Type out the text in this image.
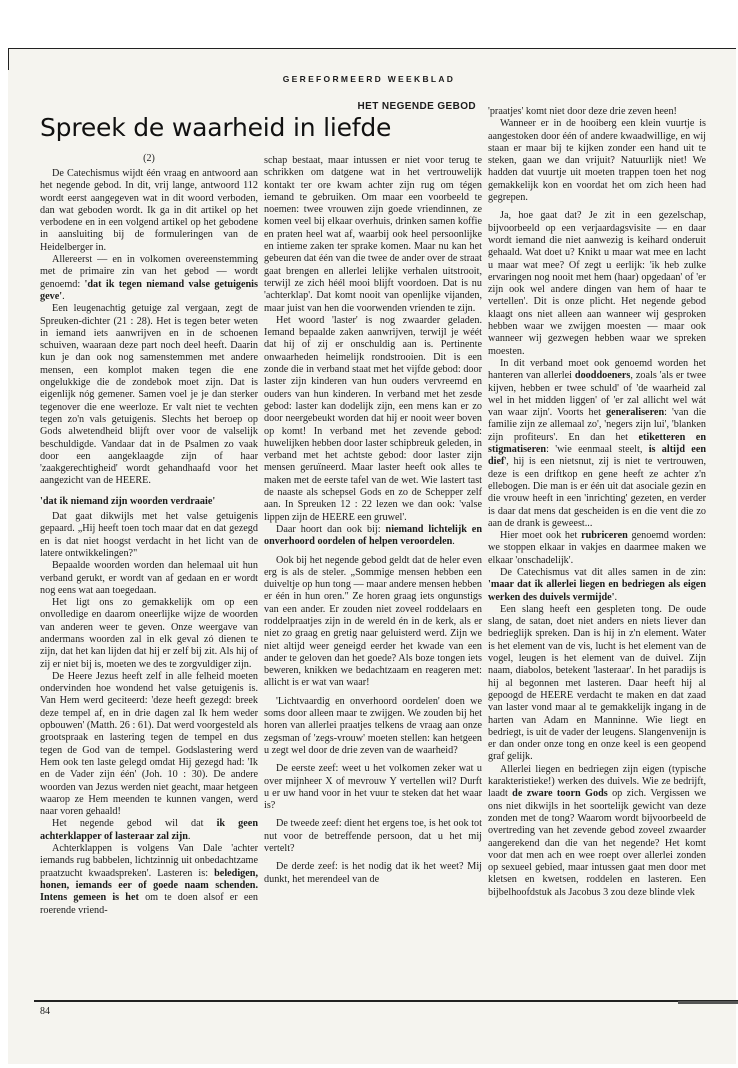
GEREFORMEERD WEEKBLAD
HET NEGENDE GEBOD
Spreek de waarheid in liefde
(2)

De Catechismus wijdt één vraag en antwoord aan het negende gebod. In dit, vrij lange, antwoord 112 wordt eerst aangegeven wat in dit woord verboden, dan wat geboden wordt. Ik ga in dit artikel op het verbodene en in een volgend artikel op het gebodene in aansluiting bij de formuleringen van de Heidelberger in.

Allereerst — en in volkomen overeenstemming met de primaire zin van het gebod — wordt genoemd: 'dat ik tegen niemand valse getuigenis geve'.

Een leugenachtig getuige zal vergaan, zegt de Spreuken-dichter (21 : 28). Het is tegen beter weten in iemand iets aanwrijven en in de schoenen schuiven, waaraan deze part noch deel heeft. Daarin kun je dan ook nog samenstemmen met andere mensen, een komplot maken tegen die ene ongelukkige die de zondebok moet zijn. Dat is eigenlijk nóg gemener. Samen voel je je dan sterker tegenover die ene weerloze. Er valt niet te vechten tegen zo'n vals getuigenis. Slechts het beroep op Gods alwetendheid blijft over voor de valselijk beschuldigde. Vandaar dat in de Psalmen zo vaak door een aangeklaagde zijn of haar 'zaakgerechtigheid' wordt gehandhaafd voor het aangezicht van de HEERE.

'dat ik niemand zijn woorden verdraaie'

Dat gaat dikwijls met het valse getuigenis gepaard. „Hij heeft toen toch maar dat en dat gezegd en is dat niet hoogst verdacht in het licht van de latere ontwikkelingen?"

Bepaalde woorden worden dan helemaal uit hun verband gerukt, er wordt van af gedaan en er wordt nog eens wat aan toegedaan.

Het ligt ons zo gemakkelijk om op een onvolledige en daarom oneerlijke wijze de woorden van anderen weer te geven. Onze weergave van andermans woorden zal in elk geval zó dienen te zijn, dat het kan lijden dat hij er zelf bij zit. Als hij of zij er niet bij is, moeten we des te zorgvuldiger zijn.

De Heere Jezus heeft zelf in alle felheid moeten ondervinden hoe wondend het valse getuigenis is. Van Hem werd geciteerd: 'deze heeft gezegd: breek deze tempel af, en in drie dagen zal Ik hem weder opbouwen' (Matth. 26 : 61). Dat werd voorgesteld als grootspraak en lastering tegen de tempel en dus tegen de God van de tempel. Godslastering werd Hem ook ten laste gelegd omdat Hij gezegd had: 'Ik en de Vader zijn één' (Joh. 10 : 30). De andere woorden van Jezus werden niet geacht, maar hetgeen waarop ze Hem meenden te kunnen vangen, werd naar voren gehaald!

Het negende gebod wil dat ik geen achterklapper of lasteraar zal zijn.

Achterklappen is volgens Van Dale 'achter iemands rug babbelen, lichtzinnig uit onbedachtzame praatzucht kwaadspreken'. Lasteren is: beledigen, honen, iemands eer of goede naam schenden. Intens gemeen is het om te doen alsof er een roerende vriend-

schap bestaat, maar intussen er niet voor terug te schrikken om datgene wat in het vertrouwelijk kontakt ter ore kwam achter zijn rug om tégen iemand te gebruiken. Om maar een voorbeeld te noemen: twee vrouwen zijn goede vriendinnen, ze komen veel bij elkaar overhuis, drinken samen koffie en praten heel wat af, waarbij ook heel persoonlijke en intieme zaken ter sprake komen. Maar nu kan het gebeuren dat één van die twee de ander over de straat gaat brengen en allerlei lelijke verhalen uitstrooit, terwijl ze zich héél mooi blijft voordoen. Dat is nu 'achterklap'. Dat komt nooit van openlijke vijanden, maar juist van hen die voorwenden vrienden te zijn.

Het woord 'laster' is nog zwaarder geladen. Iemand bepaalde zaken aanwrijven, terwijl je wéét dat hij of zij er onschuldig aan is. Pertinente onwaarheden heimelijk rondstrooien. Dit is een zonde die in verband staat met het vijfde gebod: door laster zijn kinderen van hun ouders vervreemd en ouders van hun kinderen. In verband met het zesde gebod: laster kan dodelijk zijn, een mens kan er zo door neergebeukt worden dat hij er nooit weer boven op komt! In verband met het zevende gebod: huwelijken hebben door laster schipbreuk geleden, in verband met het achtste gebod: door laster zijn mensen geruïneerd. Maar laster heeft ook alles te maken met de eerste tafel van de wet. Wie lastert tast de naaste als schepsel Gods en zo de Schepper zelf aan. In Spreuken 12 : 22 lezen we dan ook: 'valse lippen zijn de HEERE een gruwel'.

Daar hoort dan ook bij: niemand lichtelijk en onverhoord oordelen of helpen veroordelen.

Ook bij het negende gebod geldt dat de heler even erg is als de steler. „Sommige mensen hebben een duiveltje op hun tong — maar andere mensen hebben er één in hun oren." Ze horen graag iets ongunstigs van een ander. Er zouden niet zoveel roddelaars en roddelpraatjes zijn in de wereld én in de kerk, als er niet zo graag en gretig naar geluisterd werd. Zijn we niet altijd weer geneigd eerder het kwade van een ander te geloven dan het goede? Als boze tongen iets beweren, knikken we bedachtzaam en reageren met: allicht is er wat van waar!

'Lichtvaardig en onverhoord oordelen' doen we soms door alleen maar te zwijgen. We zouden bij het horen van allerlei praatjes telkens de vraag aan onze zegsman of 'zegs-vrouw' moeten stellen: kan hetgeen u zegt wel door de drie zeven van de waarheid?

De eerste zeef: weet u het volkomen zeker wat u over mijnheer X of mevrouw Y vertellen wil? Durft u er uw hand voor in het vuur te steken dat het waar is?

De tweede zeef: dient het ergens toe, is het ook tot nut voor de betreffende persoon, dat u het mij vertelt?

De derde zeef: is het nodig dat ik het weet? Mij dunkt, het merendeel van de

'praatjes' komt niet door deze drie zeven heen!

Wanneer er in de hooiberg een klein vuurtje is aangestoken door één of andere kwaadwillige, en wij staan er maar bij te kijken zonder een hand uit te steken, gaan we dan vrijuit? Natuurlijk niet! We hadden dat vuurtje uit moeten trappen toen het nog gemakkelijk kon en voordat het om zich heen had gegrepen.

Ja, hoe gaat dat? Je zit in een gezelschap, bijvoorbeeld op een verjaardagsvisite — en daar wordt iemand die niet aanwezig is keihard onderuit gehaald. Wat doet u? Knikt u maar wat mee en lacht u maar wat mee? Of zegt u eerlijk: 'ik heb zulke ervaringen nog nooit met hem (haar) opgedaan' of 'er zijn ook wel andere dingen van hem of haar te vertellen'. Dit is onze plicht. Het negende gebod klaagt ons niet alleen aan wanneer wij gesproken hebben waar we zwijgen moesten — maar ook wanneer wij gezwegen hebben waar we spreken moesten.

In dit verband moet ook genoemd worden het hanteren van allerlei dooddoeners, zoals 'als er twee kijven, hebben er twee schuld' of 'de waarheid zal wel in het midden liggen' of 'er zal allicht wel wát van waar zijn'. Voorts het generaliseren: 'van die familie zijn ze allemaal zo', 'negers zijn lui', 'blanken zijn profiteurs'. En dan het etiketteren en stigmatiseren: 'wie eenmaal steelt, is altijd een dief', hij is een nietsnut, zij is niet te vertrouwen, deze is een driftkop en gene heeft ze achter z'n ellebogen. Die man is er één uit dat asociale gezin en die vrouw heeft in een 'inrichting' gezeten, en verder is daar dat mens dat gescheiden is en die vent die zo aan de drank is geweest...

Hier moet ook het rubriceren genoemd worden: we stoppen elkaar in vakjes en daarmee maken we elkaar 'onschadelijk'.

De Catechismus vat dit alles samen in de zin: 'maar dat ik allerlei liegen en bedriegen als eigen werken des duivels vermijde'.

Een slang heeft een gespleten tong. De oude slang, de satan, doet niet anders en niets liever dan bedrieglijk spreken. Dan is hij in z'n element. Water is het element van de vis, lucht is het element van de vogel, leugen is het element van de duivel. Zijn naam, diabolos, betekent 'lasteraar'. In het paradijs is hij al begonnen met lasteren. Daar heeft hij al gepoogd de HEERE verdacht te maken en dat zaad van laster vond maar al te gemakkelijk ingang in de harten van Adam en Manninne. Wie liegt en bedriegt, is uit de vader der leugens. Slangenvenijn is er dan onder onze tong en onze keel is een geopend graf gelijk.

Allerlei liegen en bedriegen zijn eigen (typische karakteristieke!) werken des duivels. Wie ze bedrijft, laadt de zware toorn Gods op zich. Vergissen we ons niet dikwijls in het soortelijk gewicht van deze zonden met de tong? Waarom wordt bijvoorbeeld de overtreding van het zevende gebod zoveel zwaarder aangerekend dan die van het negende? Het komt voor dat men ach en wee roept over allerlei zonden op sexueel gebied, maar intussen gaat men door met kletsen en kwetsen, roddelen en lasteren. Een bijbelhoofdstuk als Jacobus 3 zou deze blinde vlek

84
